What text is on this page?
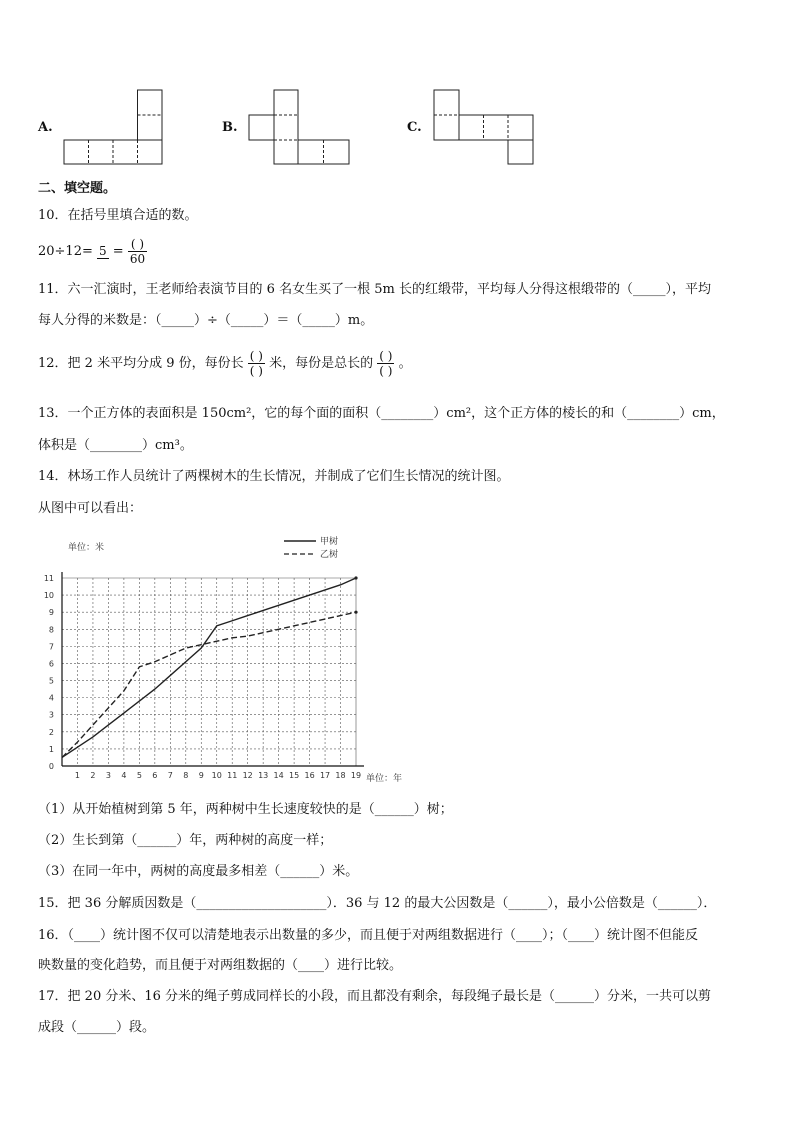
A.	B.	C.
二、填空题。
10．在括号里填合适的数。
$20\div 12= 5 = \frac{( )}{60}$
11．六一汇演时，王老师给表演节目的 6 名女生买了一根 5m 长的红缎带，平均每人分得这根缎带的（_____），平均
每人分得的米数是：（_____）÷（_____）＝（_____）m。
12．把 2 米平均分成 9 份，每份长 $\frac{( )}{( )}$ 米，每份是总长的 $\frac{( )}{( )}$ 。
13．一个正方体的表面积是 150cm²，它的每个面的面积（________）cm²，这个正方体的棱长的和（________）cm，
体积是（________）cm³。
14．林场工作人员统计了两棵树木的生长情况，并制成了它们生长情况的统计图。
从图中可以看出：
0
1
2
3
4
5
6
7
8
9
10
11
1 2 3 4 5 6 7 8 9 10 11 12 13 14 15 16 17 18 19
单位：米
单位：年
甲树
乙树
（1）从开始植树到第 5 年，两种树中生长速度较快的是（______）树；
（2）生长到第（______）年，两种树的高度一样；
（3）在同一年中，两树的高度最多相差（______）米。
15．把 36 分解质因数是（____________________）．36 与 12 的最大公因数是（______），最小公倍数是（______）．
16．（____）统计图不仅可以清楚地表示出数量的多少，而且便于对两组数据进行（____）；（____）统计图不但能反
映数量的变化趋势，而且便于对两组数据的（____）进行比较。
17．把 20 分米、16 分米的绳子剪成同样长的小段，而且都没有剩余，每段绳子最长是（______）分米，一共可以剪
成段（______）段。
